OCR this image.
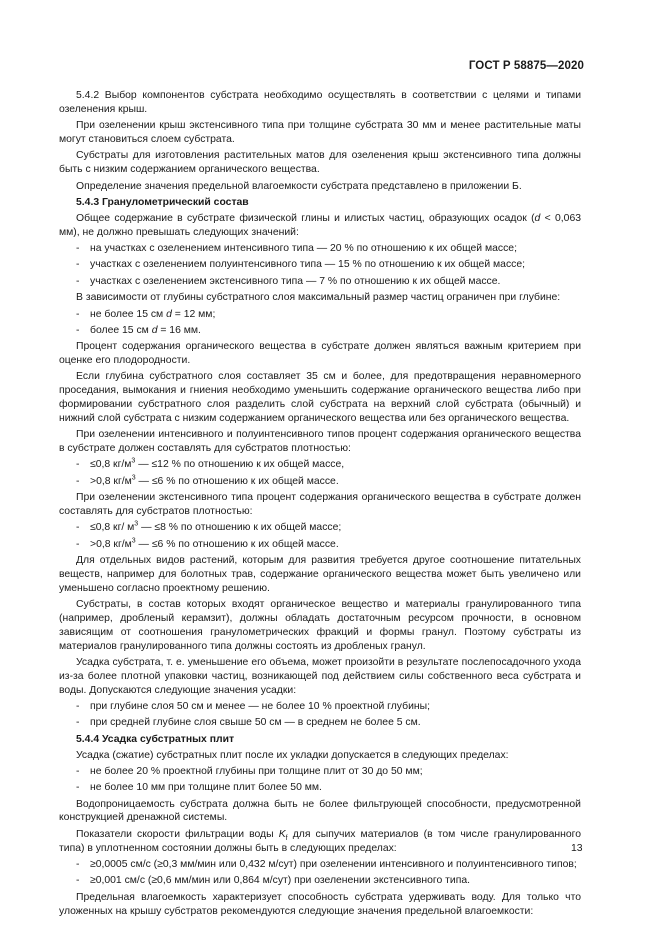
ГОСТ Р 58875—2020
5.4.2 Выбор компонентов субстрата необходимо осуществлять в соответствии с целями и типами озеленения крыш.
При озеленении крыш экстенсивного типа при толщине субстрата 30 мм и менее растительные маты могут становиться слоем субстрата.
Субстраты для изготовления растительных матов для озеленения крыш экстенсивного типа должны быть с низким содержанием органического вещества.
Определение значения предельной влагоемкости субстрата представлено в приложении Б.
5.4.3 Гранулометрический состав
Общее содержание в субстрате физической глины и илистых частиц, образующих осадок (d < 0,063 мм), не должно превышать следующих значений:
- на участках с озеленением интенсивного типа — 20 % по отношению к их общей массе;
- участках с озеленением полуинтенсивного типа — 15 % по отношению к их общей массе;
- участках с озеленением экстенсивного типа — 7 % по отношению к их общей массе.
В зависимости от глубины субстратного слоя максимальный размер частиц ограничен при глубине:
- не более 15 см d = 12 мм;
- более 15 см d = 16 мм.
Процент содержания органического вещества в субстрате должен являться важным критерием при оценке его плодородности.
Если глубина субстратного слоя составляет 35 см и более, для предотвращения неравномерного проседания, вымокания и гниения необходимо уменьшить содержание органического вещества либо при формировании субстратного слоя разделить слой субстрата на верхний слой субстрата (обычный) и нижний слой субстрата с низким содержанием органического вещества или без органического вещества.
При озеленении интенсивного и полуинтенсивного типов процент содержания органического вещества в субстрате должен составлять для субстратов плотностью:
- ≤0,8 $кг/м^3$ — ≤12 % по отношению к их общей массе,
- >0,8 $кг/м^3$ — ≤6 % по отношению к их общей массе.
При озеленении экстенсивного типа процент содержания органического вещества в субстрате должен составлять для субстратов плотностью:
- ≤0,8 кг/ $м^3$ — ≤8 % по отношению к их общей массе;
- >0,8 $кг/м^3$ — ≤6 % по отношению к их общей массе.
Для отдельных видов растений, которым для развития требуется другое соотношение питательных веществ, например для болотных трав, содержание органического вещества может быть увеличено или уменьшено согласно проектному решению.
Субстраты, в состав которых входят органическое вещество и материалы гранулированного типа (например, дробленый керамзит), должны обладать достаточным ресурсом прочности, в основном зависящим от соотношения гранулометрических фракций и формы гранул. Поэтому субстраты из материалов гранулированного типа должны состоять из дробленых гранул.
Усадка субстрата, т. е. уменьшение его объема, может произойти в результате послепосадочного ухода из-за более плотной упаковки частиц, возникающей под действием силы собственного веса субстрата и воды. Допускаются следующие значения усадки:
- при глубине слоя 50 см и менее — не более 10 % проектной глубины;
- при средней глубине слоя свыше 50 см — в среднем не более 5 см.
5.4.4 Усадка субстратных плит
Усадка (сжатие) субстратных плит после их укладки допускается в следующих пределах:
- не более 20 % проектной глубины при толщине плит от 30 до 50 мм;
- не более 10 мм при толщине плит более 50 мм.
Водопроницаемость субстрата должна быть не более фильтрующей способности, предусмотренной конструкцией дренажной системы.
Показатели скорости фильтрации воды $K_f$ для сыпучих материалов (в том числе гранулированного типа) в уплотненном состоянии должны быть в следующих пределах:
- ≥0,0005 см/с (≥0,3 мм/мин или 0,432 м/сут) при озеленении интенсивного и полуинтенсивного типов;
- ≥0,001 см/с (≥0,6 мм/мин или 0,864 м/сут) при озеленении экстенсивного типа.
Предельная влагоемкость характеризует способность субстрата удерживать воду. Для только что уложенных на крышу субстратов рекомендуются следующие значения предельной влагоемкости:
13
